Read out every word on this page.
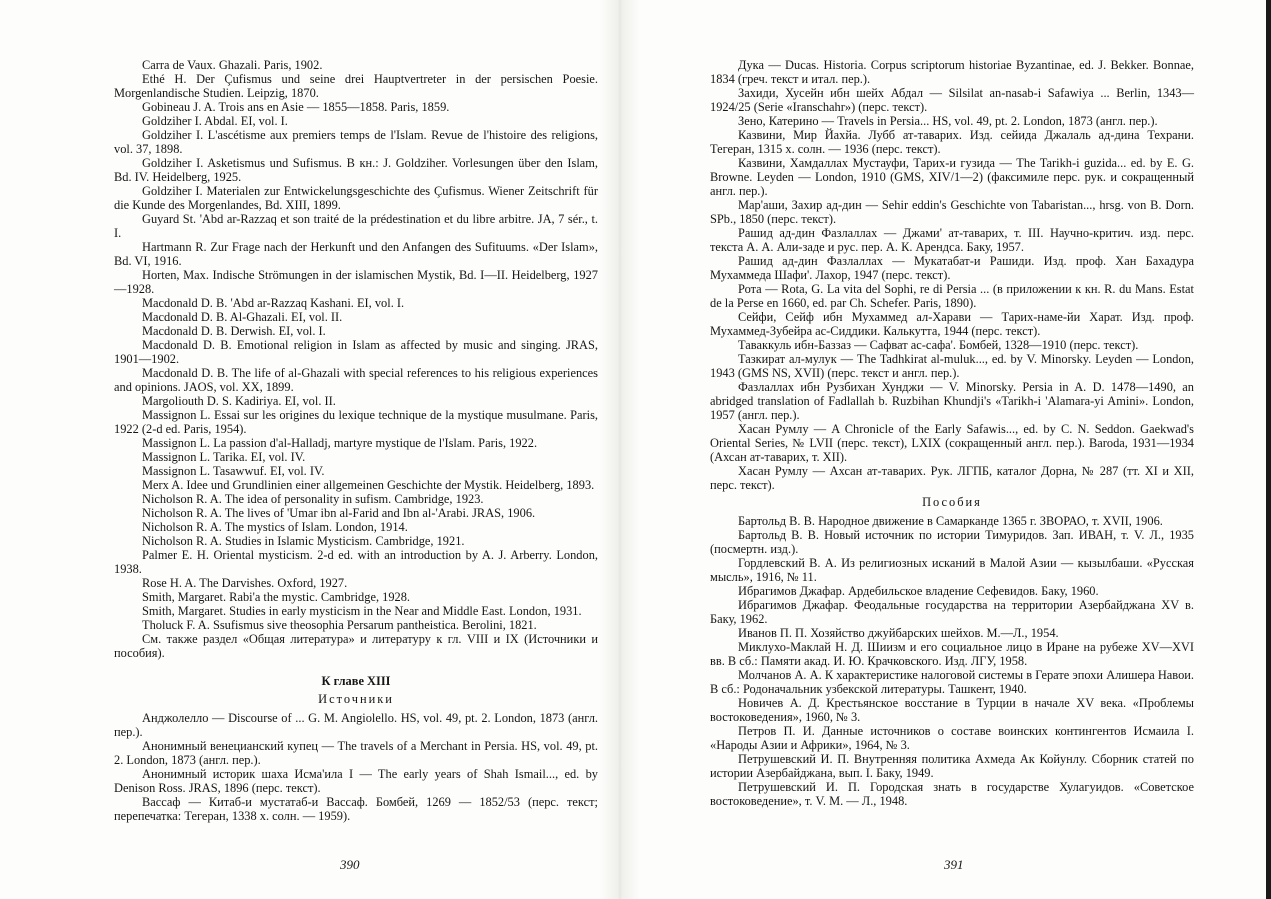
Carra de Vaux. Ghazali. Paris, 1902.

Ethé H. Der Çufismus und seine drei Hauptvertreter in der persischen Poesie. Morgenlandische Studien. Leipzig, 1870.

Gobineau J. A. Trois ans en Asie — 1855—1858. Paris, 1859.

Goldziher I. Abdal. EI, vol. I.

Goldziher I. L'ascétisme aux premiers temps de l'Islam. Revue de l'histoire des religions, vol. 37, 1898.

Goldziher I. Asketismus und Sufismus. В кн.: J. Goldziher. Vorlesungen über den Islam, Bd. IV. Heidelberg, 1925.

Goldziher I. Materialen zur Entwickelungsgeschichte des Çufismus. Wiener Zeitschrift für die Kunde des Morgenlandes, Bd. XIII, 1899.

Guyard St. 'Abd ar-Razzaq et son traité de la prédestination et du libre arbitre. JA, 7 sér., t. I.

Hartmann R. Zur Frage nach der Herkunft und den Anfangen des Sufituums. «Der Islam», Bd. VI, 1916.

Horten, Max. Indische Strömungen in der islamischen Mystik, Bd. I—II. Heidelberg, 1927—1928.

Macdonald D. B. 'Abd ar-Razzaq Kashani. EI, vol. I.

Macdonald D. B. Al-Ghazali. EI, vol. II.

Macdonald D. B. Derwish. EI, vol. I.

Macdonald D. B. Emotional religion in Islam as affected by music and singing. JRAS, 1901—1902.

Macdonald D. B. The life of al-Ghazali with special references to his religious experiences and opinions. JAOS, vol. XX, 1899.

Margoliouth D. S. Kadiriya. EI, vol. II.

Massignon L. Essai sur les origines du lexique technique de la mystique musulmane. Paris, 1922 (2-d ed. Paris, 1954).

Massignon L. La passion d'al-Halladj, martyre mystique de l'Islam. Paris, 1922.

Massignon L. Tarika. EI, vol. IV.

Massignon L. Tasawwuf. EI, vol. IV.

Merx A. Idee und Grundlinien einer allgemeinen Geschichte der Mystik. Heidelberg, 1893.

Nicholson R. A. The idea of personality in sufism. Cambridge, 1923.

Nicholson R. A. The lives of 'Umar ibn al-Farid and Ibn al-'Arabi. JRAS, 1906.

Nicholson R. A. The mystics of Islam. London, 1914.

Nicholson R. A. Studies in Islamic Mysticism. Cambridge, 1921.

Palmer E. H. Oriental mysticism. 2-d ed. with an introduction by A. J. Arberry. London, 1938.

Rose H. A. The Darvishes. Oxford, 1927.

Smith, Margaret. Rabi'a the mystic. Cambridge, 1928.

Smith, Margaret. Studies in early mysticism in the Near and Middle East. London, 1931.

Tholuck F. A. Ssufismus sive theosophia Persarum pantheistica. Berolini, 1821.

См. также раздел «Общая литература» и литературу к гл. VIII и IX (Источники и пособия).

К главе XIII
Источники

Анджолелло — Discourse of ... G. M. Angiolello. HS, vol. 49, pt. 2. London, 1873 (англ. пер.).

Анонимный венецианский купец — The travels of a Merchant in Persia. HS, vol. 49, pt. 2. London, 1873 (англ. пер.).

Анонимный историк шаха Исма'ила I — The early years of Shah Ismail..., ed. by Denison Ross. JRAS, 1896 (перс. текст).

Вассаф — Китаб-и мустатаб-и Вассаф. Бомбей, 1269 — 1852/53 (перс. текст; перепечатка: Тегеран, 1338 х. солн. — 1959).

Дука — Ducas. Historia. Corpus scriptorum historiae Byzantinae, ed. J. Bekker. Bonnae, 1834 (греч. текст и итал. пер.).

Захиди, Хусейн ибн шейх Абдал — Silsilat an-nasab-i Safawiya ... Berlin, 1343—1924/25 (Serie «Iranschahr») (перс. текст).

Зено, Катерино — Travels in Persia... HS, vol. 49, pt. 2. London, 1873 (англ. пер.).

Казвини, Мир Йахйа. Лубб ат-таварих. Изд. сейида Джалаль ад-дина Техрани. Тегеран, 1315 х. солн. — 1936 (перс. текст).

Казвини, Хамдаллах Мустауфи, Тарих-и гузида — The Tarikh-i guzida... ed. by E. G. Browne. Leyden — London, 1910 (GMS, XIV/1—2) (факсимиле перс. рук. и сокращенный англ. пер.).

Мар'аши, Захир ад-дин — Sehir eddin's Geschichte von Tabaristan..., hrsg. von B. Dorn. SPb., 1850 (перс. текст).

Рашид ад-дин Фазлаллах — Джами' ат-таварих, т. III. Научно-критич. изд. перс. текста А. А. Али-заде и рус. пер. А. К. Арендса. Баку, 1957.

Рашид ад-дин Фазлаллах — Мукатабат-и Рашиди. Изд. проф. Хан Бахадура Мухаммеда Шафи'. Лахор, 1947 (перс. текст).

Рота — Rota, G. La vita del Sophi, re di Persia ... (в приложении к кн. R. du Mans. Estat de la Perse en 1660, ed. par Ch. Schefer. Paris, 1890).

Сейфи, Сейф ибн Мухаммед ал-Харави — Тарих-наме-йи Харат. Изд. проф. Мухаммед-Зубейра ас-Сиддики. Калькутта, 1944 (перс. текст).

Таваккуль ибн-Баззаз — Сафват ас-сафа'. Бомбей, 1328—1910 (перс. текст).

Тазкират ал-мулук — The Tadhkirat al-muluk..., ed. by V. Minorsky. Leyden — London, 1943 (GMS NS, XVII) (перс. текст и англ. пер.).

Фазлаллах ибн Рузбихан Хунджи — V. Minorsky. Persia in A. D. 1478—1490, an abridged translation of Fadlallah b. Ruzbihan Khundji's «Tarikh-i 'Alamara-yi Amini». London, 1957 (англ. пер.).

Хасан Румлу — A Chronicle of the Early Safawis..., ed. by C. N. Seddon. Gaekwad's Oriental Series, № LVII (перс. текст), LXIX (сокращенный англ. пер.). Baroda, 1931—1934 (Ахсан ат-таварих, т. XII).

Хасан Румлу — Ахсан ат-таварих. Рук. ЛГПБ, каталог Дорна, № 287 (тт. XI и XII, перс. текст).

Пособия

Бартольд В. В. Народное движение в Самарканде 1365 г. ЗВОРАО, т. XVII, 1906.

Бартольд В. В. Новый источник по истории Тимуридов. Зап. ИВАН, т. V. Л., 1935 (посмертн. изд.).

Гордлевский В. А. Из религиозных исканий в Малой Азии — кызылбаши. «Русская мысль», 1916, № 11.

Ибрагимов Джафар. Ардебильское владение Сефевидов. Баку, 1960.

Ибрагимов Джафар. Феодальные государства на территории Азербайджана XV в. Баку, 1962.

Иванов П. П. Хозяйство джуйбарских шейхов. М.—Л., 1954.

Миклухо-Маклай Н. Д. Шиизм и его социальное лицо в Иране на рубеже XV—XVI вв. В сб.: Памяти акад. И. Ю. Крачковского. Изд. ЛГУ, 1958.

Молчанов А. А. К характеристике налоговой системы в Герате эпохи Алишера Навои. В сб.: Родоначальник узбекской литературы. Ташкент, 1940.

Новичев А. Д. Крестьянское восстание в Турции в начале XV века. «Проблемы востоковедения», 1960, № 3.

Петров П. И. Данные источников о составе воинских контингентов Исмаила I. «Народы Азии и Африки», 1964, № 3.

Петрушевский И. П. Внутренняя политика Ахмеда Ак Койунлу. Сборник статей по истории Азербайджана, вып. I. Баку, 1949.

Петрушевский И. П. Городская знать в государстве Хулагуидов. «Советское востоковедение», т. V. М. — Л., 1948.

390	391
